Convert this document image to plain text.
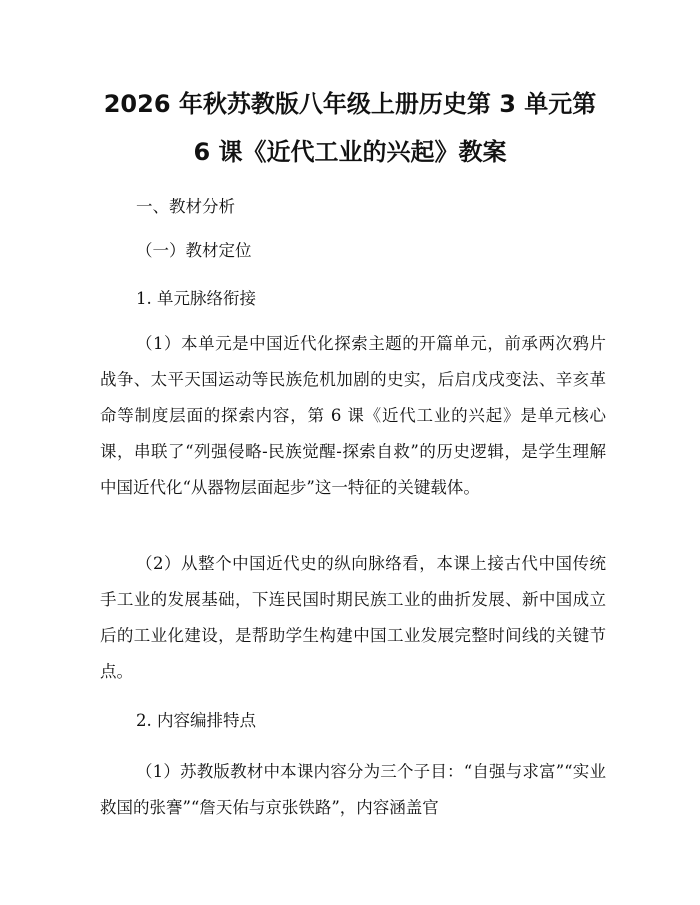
2026 年秋苏教版八年级上册历史第 3 单元第
6 课《近代工业的兴起》教案

一、教材分析

（一）教材定位

1. 单元脉络衔接

（1）本单元是中国近代化探索主题的开篇单元，前承两次鸦片战争、太平天国运动等民族危机加剧的史实，后启戊戌变法、辛亥革命等制度层面的探索内容，第 6 课《近代工业的兴起》是单元核心课，串联了“列强侵略-民族觉醒-探索自救”的历史逻辑，是学生理解中国近代化“从器物层面起步”这一特征的关键载体。

（2）从整个中国近代史的纵向脉络看，本课上接古代中国传统手工业的发展基础，下连民国时期民族工业的曲折发展、新中国成立后的工业化建设，是帮助学生构建中国工业发展完整时间线的关键节点。

2. 内容编排特点

（1）苏教版教材中本课内容分为三个子目：“自强与求富”“实业救国的张謇”“詹天佑与京张铁路”，内容涵盖官
